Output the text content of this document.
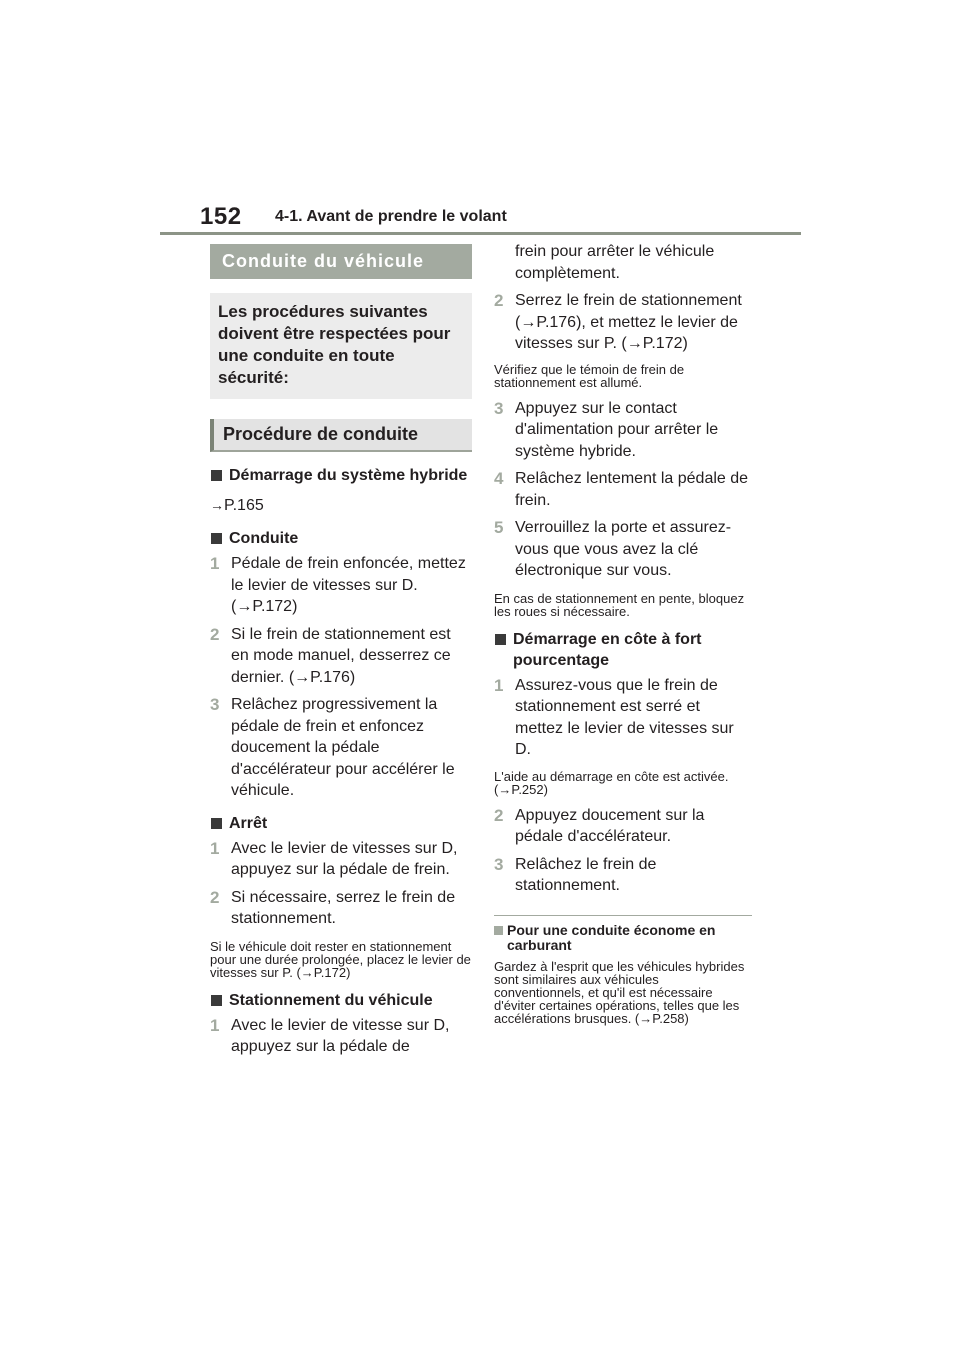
152 4-1. Avant de prendre le volant
Conduite du véhicule
Les procédures suivantes doivent être respectées pour une conduite en toute sécurité:
Procédure de conduite
Démarrage du système hybride
→P.165
Conduite
1 Pédale de frein enfoncée, mettez le levier de vitesses sur D. (→P.172)
2 Si le frein de stationnement est en mode manuel, desserrez ce dernier. (→P.176)
3 Relâchez progressivement la pédale de frein et enfoncez doucement la pédale d'accélérateur pour accélérer le véhicule.
Arrêt
1 Avec le levier de vitesses sur D, appuyez sur la pédale de frein.
2 Si nécessaire, serrez le frein de stationnement.
Si le véhicule doit rester en stationnement pour une durée prolongée, placez le levier de vitesses sur P. (→P.172)
Stationnement du véhicule
1 Avec le levier de vitesse sur D, appuyez sur la pédale de
frein pour arrêter le véhicule complètement.
2 Serrez le frein de stationnement (→P.176), et mettez le levier de vitesses sur P. (→P.172)
Vérifiez que le témoin de frein de stationnement est allumé.
3 Appuyez sur le contact d'alimentation pour arrêter le système hybride.
4 Relâchez lentement la pédale de frein.
5 Verrouillez la porte et assurez-vous que vous avez la clé électronique sur vous.
En cas de stationnement en pente, bloquez les roues si nécessaire.
Démarrage en côte à fort pourcentage
1 Assurez-vous que le frein de stationnement est serré et mettez le levier de vitesses sur D.
L'aide au démarrage en côte est activée. (→P.252)
2 Appuyez doucement sur la pédale d'accélérateur.
3 Relâchez le frein de stationnement.
Pour une conduite économe en carburant
Gardez à l'esprit que les véhicules hybrides sont similaires aux véhicules conventionnels, et qu'il est nécessaire d'éviter certaines opérations, telles que les accélérations brusques. (→P.258)
